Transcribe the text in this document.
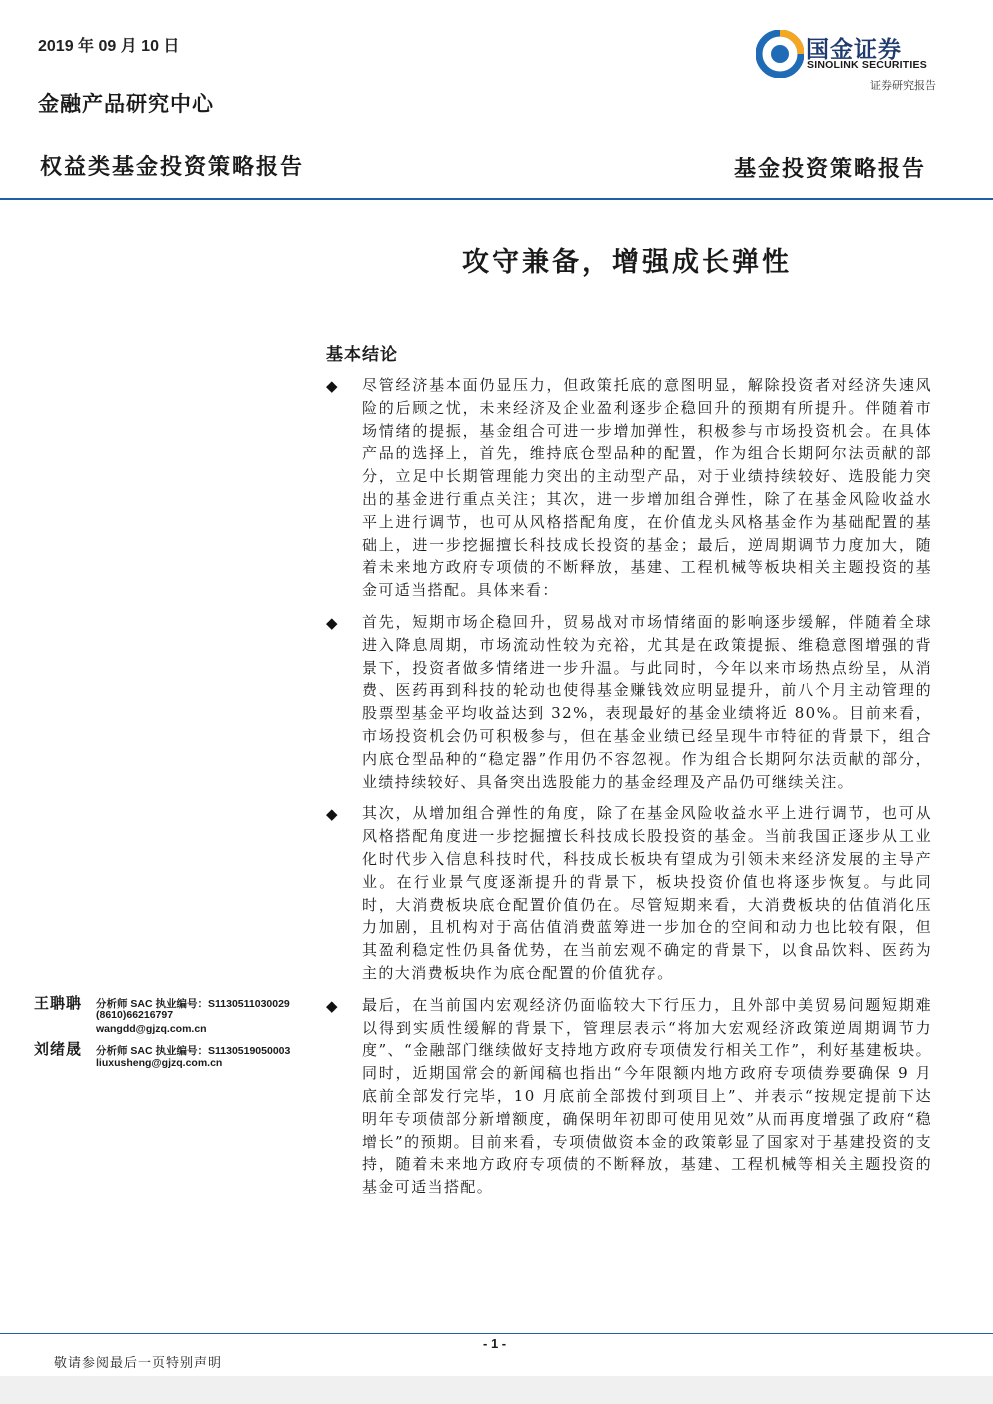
2019 年 09 月 10 日
金融产品研究中心
国金证券
SINOLINK SECURITIES
证券研究报告
权益类基金投资策略报告	基金投资策略报告
攻守兼备，增强成长弹性
基本结论
◆ 尽管经济基本面仍显压力，但政策托底的意图明显，解除投资者对经济失速风险的后顾之忧，未来经济及企业盈利逐步企稳回升的预期有所提升。伴随着市场情绪的提振，基金组合可进一步增加弹性，积极参与市场投资机会。在具体产品的选择上，首先，维持底仓型品种的配置，作为组合长期阿尔法贡献的部分，立足中长期管理能力突出的主动型产品，对于业绩持续较好、选股能力突出的基金进行重点关注；其次，进一步增加组合弹性，除了在基金风险收益水平上进行调节，也可从风格搭配角度，在价值龙头风格基金作为基础配置的基础上，进一步挖掘擅长科技成长投资的基金；最后，逆周期调节力度加大，随着未来地方政府专项债的不断释放，基建、工程机械等板块相关主题投资的基金可适当搭配。具体来看：
◆ 首先，短期市场企稳回升，贸易战对市场情绪面的影响逐步缓解，伴随着全球进入降息周期，市场流动性较为充裕，尤其是在政策提振、维稳意图增强的背景下，投资者做多情绪进一步升温。与此同时，今年以来市场热点纷呈，从消费、医药再到科技的轮动也使得基金赚钱效应明显提升，前八个月主动管理的股票型基金平均收益达到 32%，表现最好的基金业绩将近 80%。目前来看，市场投资机会仍可积极参与，但在基金业绩已经呈现牛市特征的背景下，组合内底仓型品种的“稳定器”作用仍不容忽视。作为组合长期阿尔法贡献的部分，业绩持续较好、具备突出选股能力的基金经理及产品仍可继续关注。
◆ 其次，从增加组合弹性的角度，除了在基金风险收益水平上进行调节，也可从风格搭配角度进一步挖掘擅长科技成长股投资的基金。当前我国正逐步从工业化时代步入信息科技时代，科技成长板块有望成为引领未来经济发展的主导产业。在行业景气度逐渐提升的背景下，板块投资价值也将逐步恢复。与此同时，大消费板块底仓配置价值仍在。尽管短期来看，大消费板块的估值消化压力加剧，且机构对于高估值消费蓝筹进一步加仓的空间和动力也比较有限，但其盈利稳定性仍具备优势，在当前宏观不确定的背景下，以食品饮料、医药为主的大消费板块作为底仓配置的价值犹存。
◆ 最后，在当前国内宏观经济仍面临较大下行压力，且外部中美贸易问题短期难以得到实质性缓解的背景下，管理层表示“将加大宏观经济政策逆周期调节力度”、“金融部门继续做好支持地方政府专项债发行相关工作”，利好基建板块。同时，近期国常会的新闻稿也指出“今年限额内地方政府专项债券要确保 9 月底前全部发行完毕，10 月底前全部拨付到项目上”、并表示“按规定提前下达明年专项债部分新增额度，确保明年初即可使用见效”从而再度增强了政府“稳增长”的预期。目前来看，专项债做资本金的政策彰显了国家对于基建投资的支持，随着未来地方政府专项债的不断释放，基建、工程机械等相关主题投资的基金可适当搭配。
王聃聃 分析师 SAC 执业编号：S1130511030029
(8610)66216797
wangdd@gjzq.com.cn
刘绪晟 分析师 SAC 执业编号：S1130519050003
liuxusheng@gjzq.com.cn
- 1 -
敬请参阅最后一页特别声明
